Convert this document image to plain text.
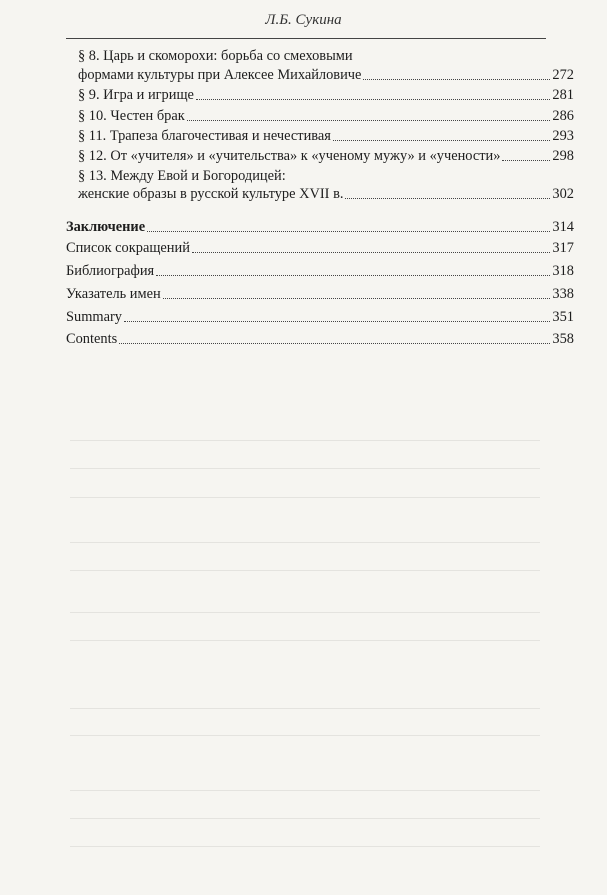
Л.Б. Сукина
§ 8. Царь и скоморохи: борьба со смеховыми
формами культуры при Алексее Михайловиче	272
§ 9. Игра и игрище	281
§ 10. Честен брак	286
§ 11. Трапеза благочестивая и нечестивая	293
§ 12. От «учителя» и «учительства» к «ученому мужу» и «учености»	298
§ 13. Между Евой и Богородицей:
женские образы в русской культуре XVII в.	302
Заключение	314
Список сокращений	317
Библиография	318
Указатель имен	338
Summary	351
Contents	358
